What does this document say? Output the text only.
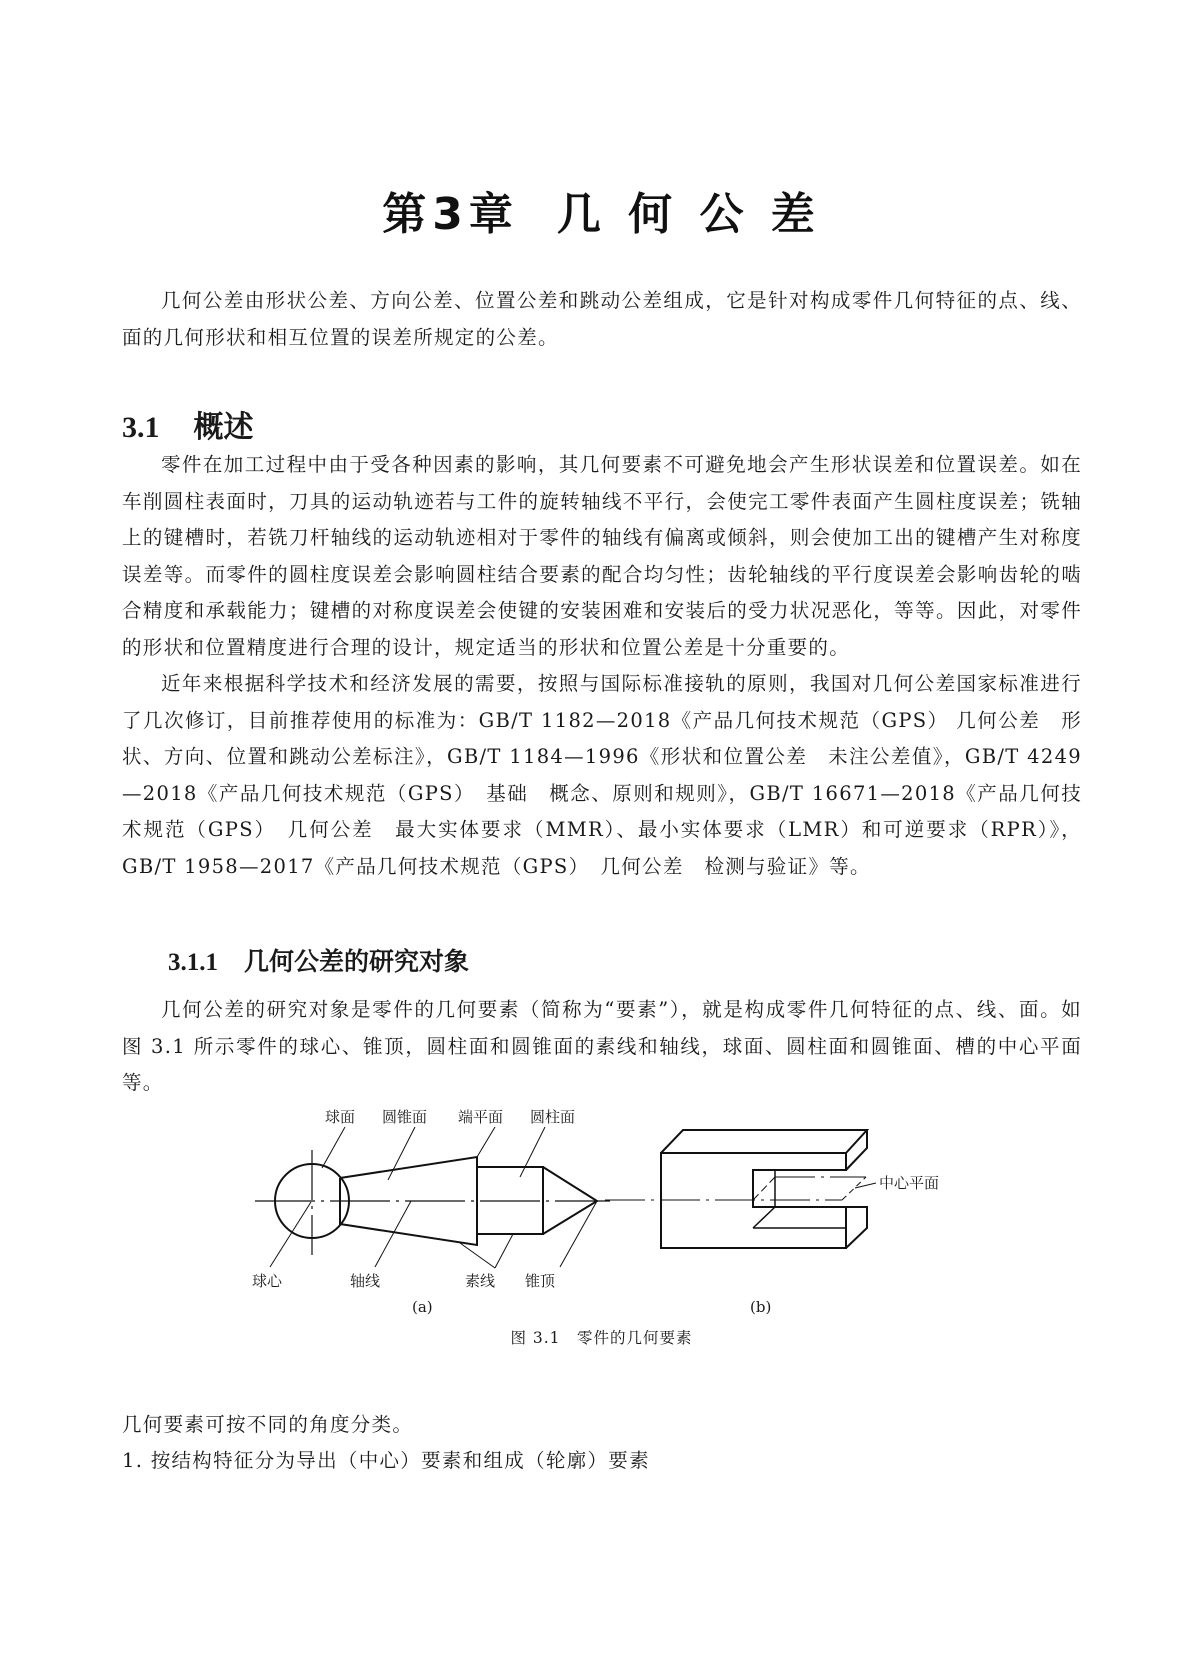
第3章 几 何 公 差

几何公差由形状公差、方向公差、位置公差和跳动公差组成，它是针对构成零件几何特征的点、线、面的几何形状和相互位置的误差所规定的公差。

3.1 概述

零件在加工过程中由于受各种因素的影响，其几何要素不可避免地会产生形状误差和位置误差。如在车削圆柱表面时，刀具的运动轨迹若与工件的旋转轴线不平行，会使完工零件表面产生圆柱度误差；铣轴上的键槽时，若铣刀杆轴线的运动轨迹相对于零件的轴线有偏离或倾斜，则会使加工出的键槽产生对称度误差等。而零件的圆柱度误差会影响圆柱结合要素的配合均匀性；齿轮轴线的平行度误差会影响齿轮的啮合精度和承载能力；键槽的对称度误差会使键的安装困难和安装后的受力状况恶化，等等。因此，对零件的形状和位置精度进行合理的设计，规定适当的形状和位置公差是十分重要的。

近年来根据科学技术和经济发展的需要，按照与国际标准接轨的原则，我国对几何公差国家标准进行了几次修订，目前推荐使用的标准为：GB/T 1182—2018《产品几何技术规范（GPS） 几何公差　形状、方向、位置和跳动公差标注》，GB/T 1184—1996《形状和位置公差　未注公差值》，GB/T 4249—2018《产品几何技术规范（GPS）　基础　概念、原则和规则》，GB/T 16671—2018《产品几何技术规范（GPS）　几何公差　最大实体要求（MMR）、最小实体要求（LMR）和可逆要求（RPR）》，GB/T 1958—2017《产品几何技术规范（GPS）　几何公差　检测与验证》等。

3.1.1 几何公差的研究对象

几何公差的研究对象是零件的几何要素（简称为“要素”），就是构成零件几何特征的点、线、面。如图 3.1 所示零件的球心、锥顶，圆柱面和圆锥面的素线和轴线，球面、圆柱面和圆锥面、槽的中心平面等。

球面 圆锥面 端平面 圆柱面
球心	轴线	素线 锥顶
(a)
中心平面
(b)
图 3.1　零件的几何要素
几何要素可按不同的角度分类。
1. 按结构特征分为导出（中心）要素和组成（轮廓）要素
